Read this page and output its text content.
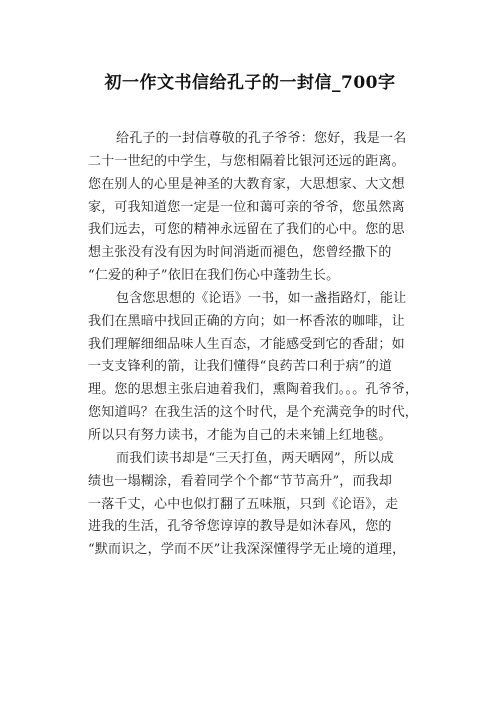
初一作文书信给孔子的一封信_700字
给孔子的一封信尊敬的孔子爷爷：您好，我是一名
二十一世纪的中学生，与您相隔着比银河还远的距离。
您在别人的心里是神圣的大教育家，大思想家、大文想
家，可我知道您一定是一位和蔼可亲的爷爷，您虽然离
我们远去，可您的精神永远留在了我们的心中。您的思
想主张没有没有因为时间消逝而褪色，您曾经撒下的
“仁爱的种子”依旧在我们伤心中蓬勃生长。
包含您思想的《论语》一书，如一盏指路灯，能让
我们在黑暗中找回正确的方向；如一杯香浓的咖啡，让
我们理解细细品味人生百态，才能感受到它的香甜；如
一支支锋利的箭，让我们懂得“良药苦口利于病”的道
理。您的思想主张启迪着我们，熏陶着我们。。。孔爷爷，
您知道吗？在我生活的这个时代，是个充满竞争的时代，
所以只有努力读书，才能为自己的未来铺上红地毯。
而我们读书却是“三天打鱼，两天晒网”，所以成
绩也一塌糊涂，看着同学个个都“节节高升”，而我却
一落千丈，心中也似打翻了五味瓶，只到《论语》，走
进我的生活，孔爷爷您谆谆的教导是如沐春风，您的
“默而识之，学而不厌”让我深深懂得学无止境的道理，
